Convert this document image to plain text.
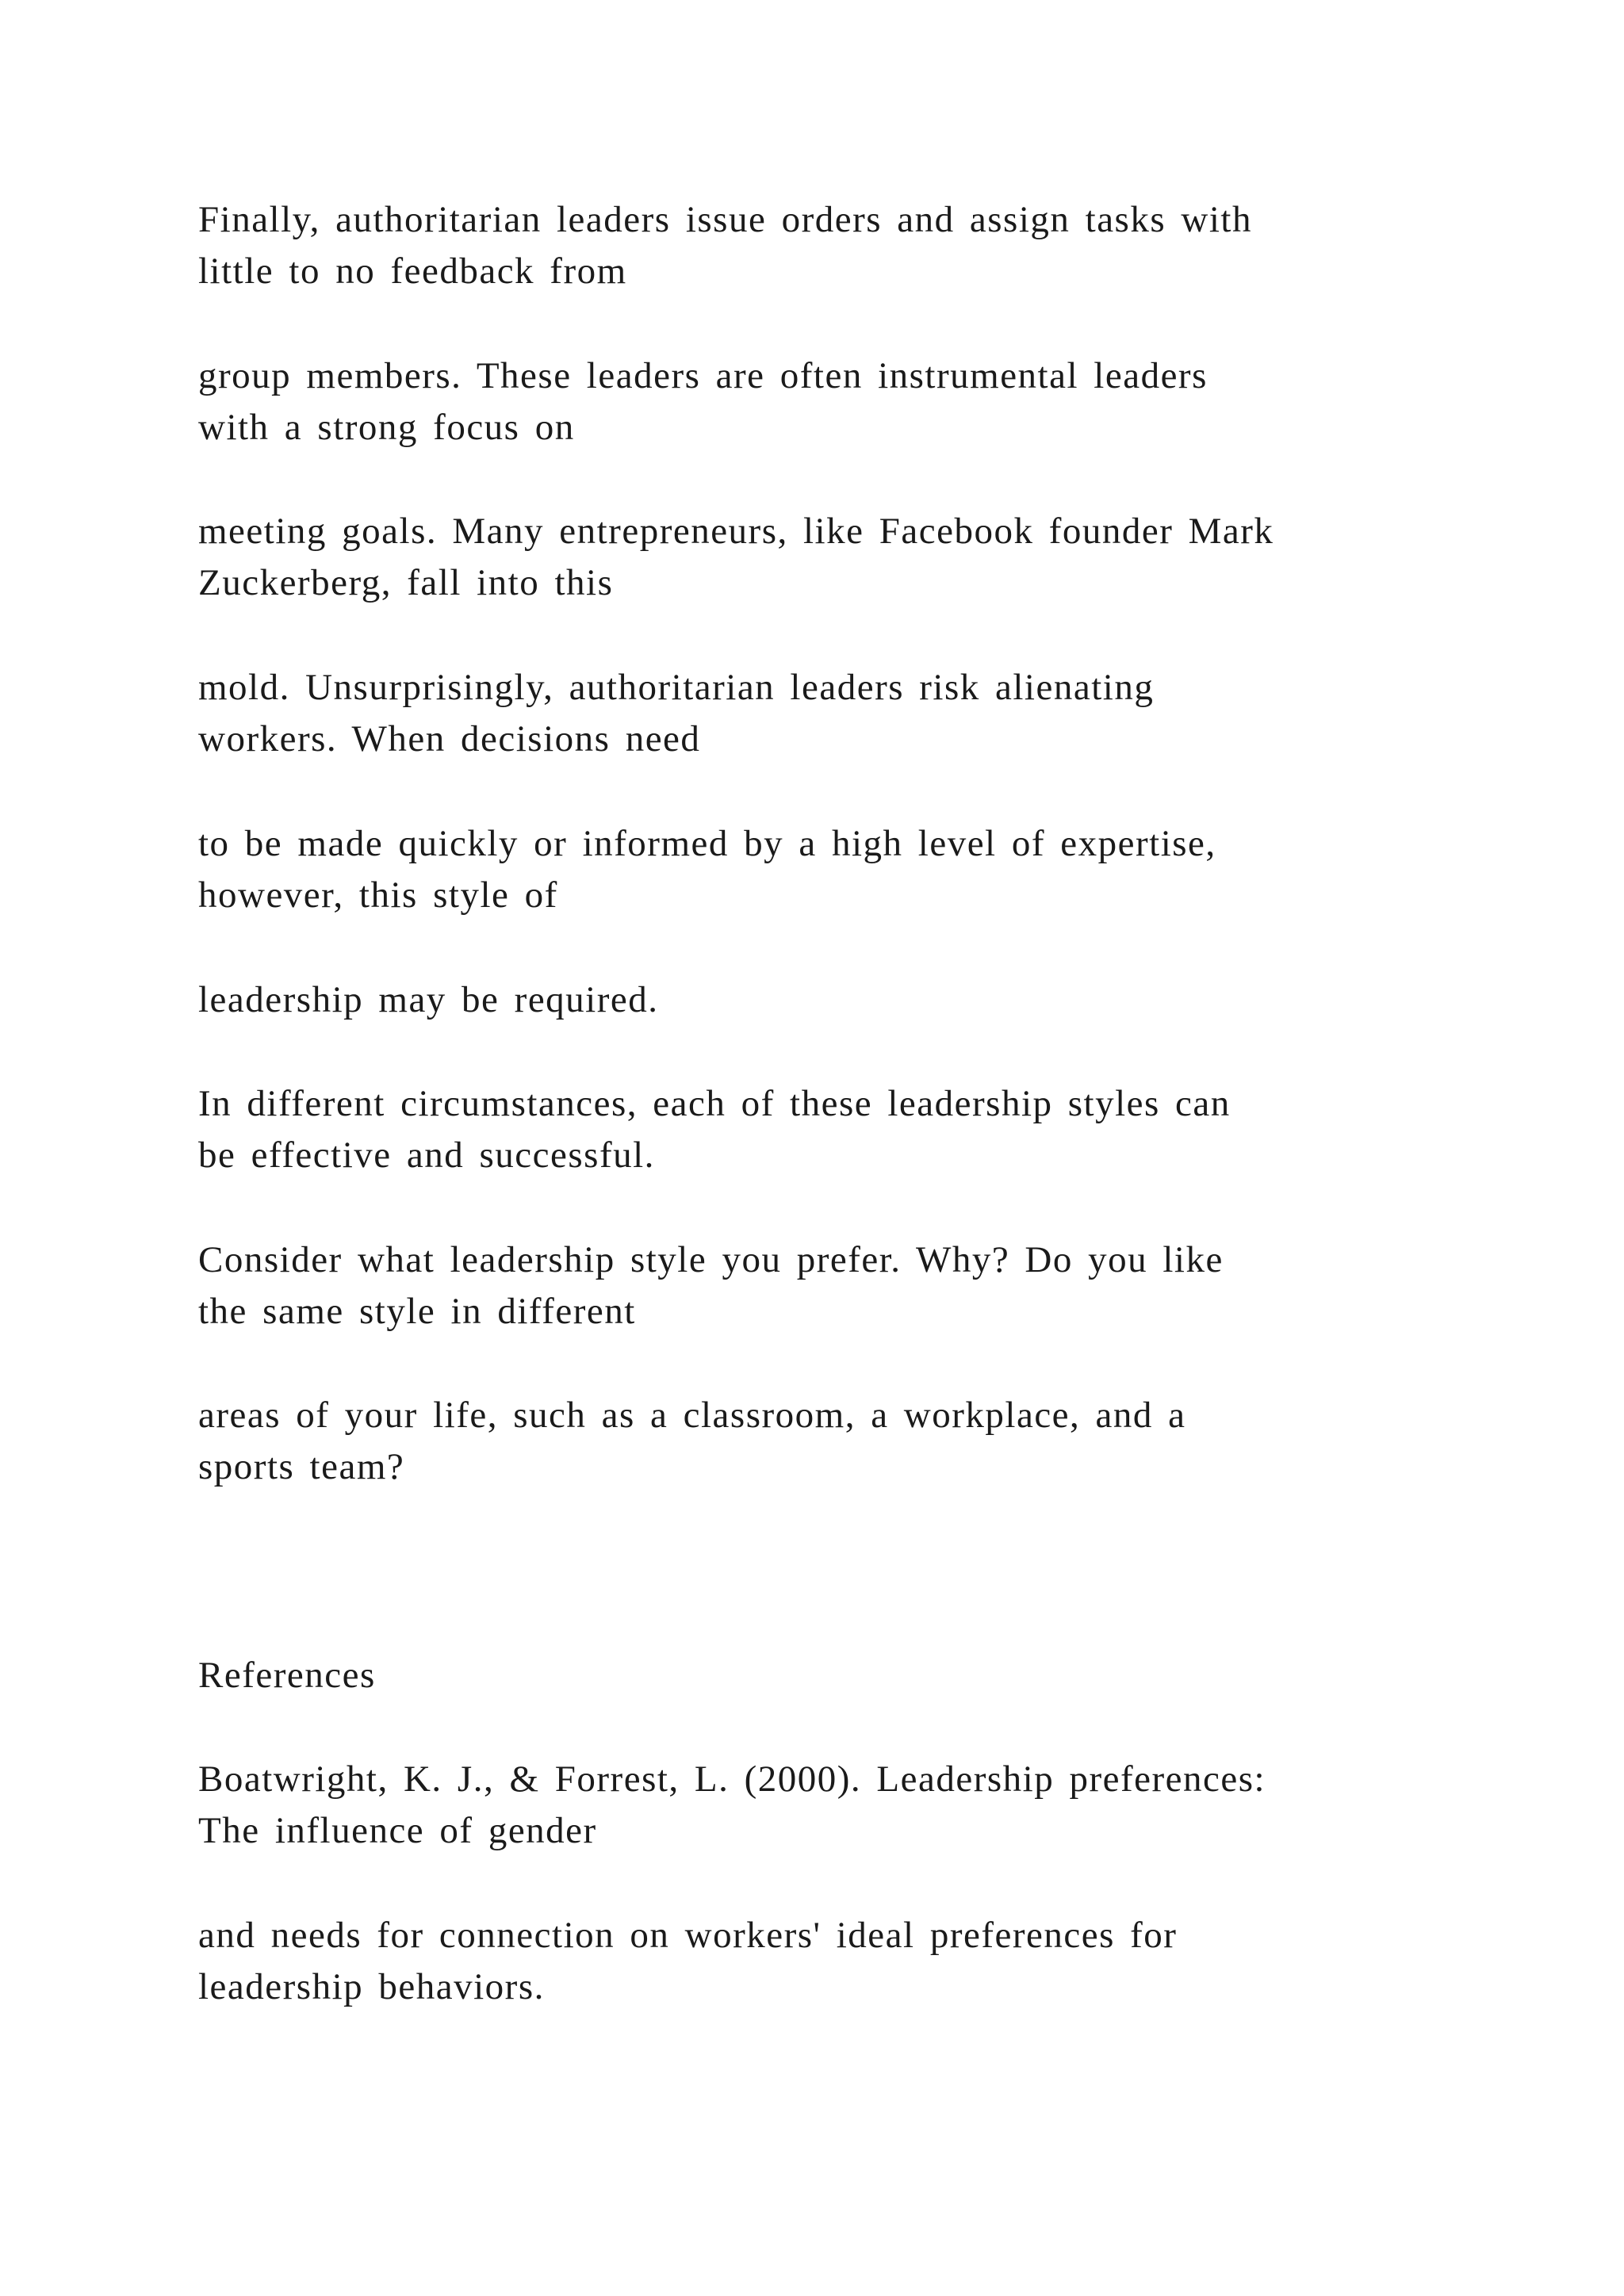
Finally, authoritarian leaders issue orders and assign tasks with
little to no feedback from
group members. These leaders are often instrumental leaders
with a strong focus on
meeting goals. Many entrepreneurs, like Facebook founder Mark
Zuckerberg, fall into this
mold. Unsurprisingly, authoritarian leaders risk alienating
workers. When decisions need
to be made quickly or informed by a high level of expertise,
however, this style of
leadership may be required.
In different circumstances, each of these leadership styles can
be effective and successful.
Consider what leadership style you prefer. Why? Do you like
the same style in different
areas of your life, such as a classroom, a workplace, and a
sports team?
References
Boatwright, K. J., & Forrest, L. (2000). Leadership preferences:
The influence of gender
and needs for connection on workers' ideal preferences for
leadership behaviors.
